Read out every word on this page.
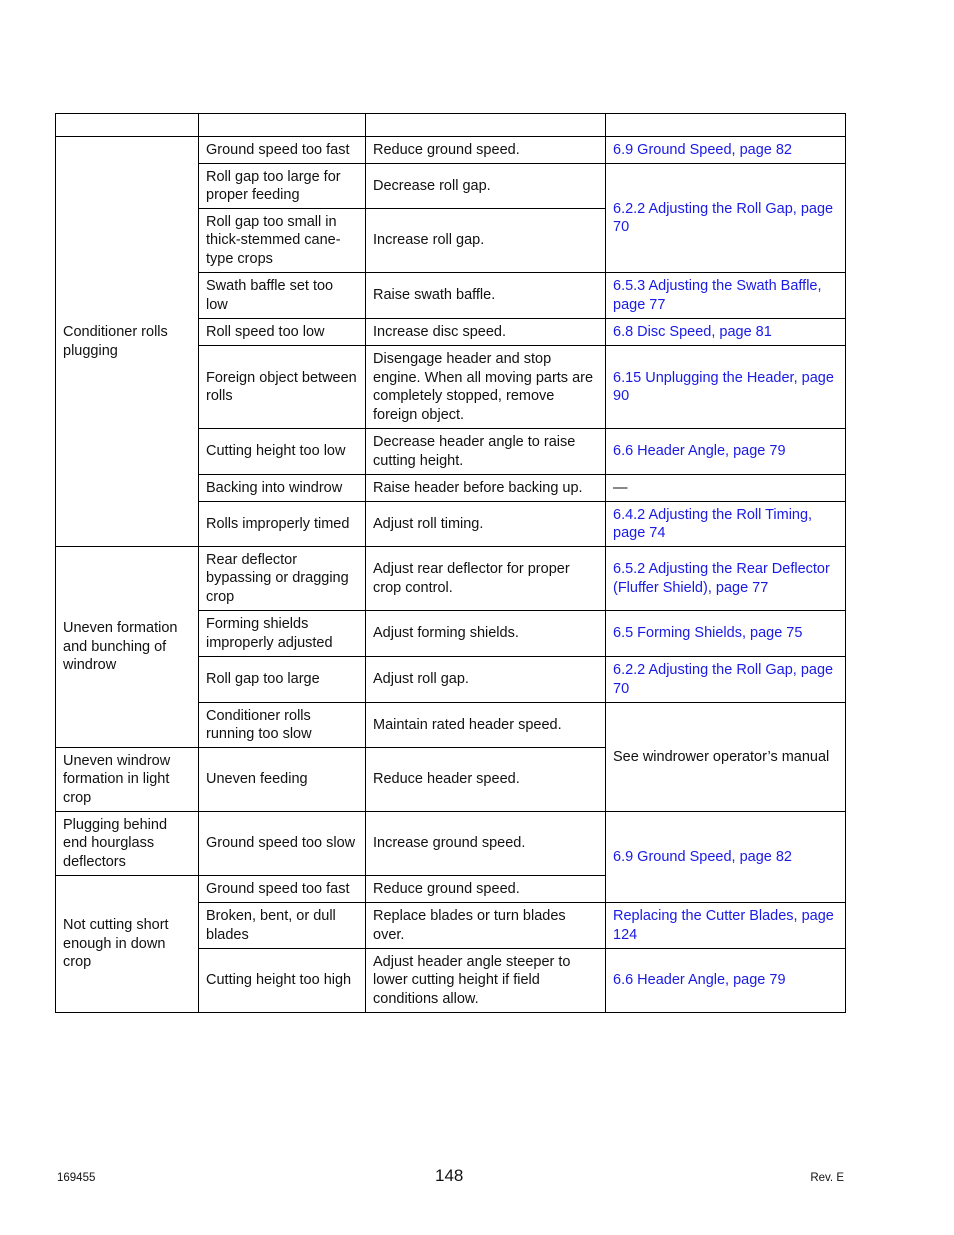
Conditioner rolls plugging	Ground speed too fast	Reduce ground speed.	6.9 Ground Speed, page 82
	Roll gap too large for proper feeding	Decrease roll gap.	6.2.2 Adjusting the Roll Gap, page 70
	Roll gap too small in thick-stemmed cane-type crops	Increase roll gap.	
	Swath baffle set too low	Raise swath baffle.	6.5.3 Adjusting the Swath Baffle, page 77
	Roll speed too low	Increase disc speed.	6.8 Disc Speed, page 81
	Foreign object between rolls	Disengage header and stop engine. When all moving parts are completely stopped, remove foreign object.	6.15 Unplugging the Header, page 90
	Cutting height too low	Decrease header angle to raise cutting height.	6.6 Header Angle, page 79
	Backing into windrow	Raise header before backing up.	—
	Rolls improperly timed	Adjust roll timing.	6.4.2 Adjusting the Roll Timing, page 74
Uneven formation and bunching of windrow	Rear deflector bypassing or dragging crop	Adjust rear deflector for proper crop control.	6.5.2 Adjusting the Rear Deflector (Fluffer Shield), page 77
	Forming shields improperly adjusted	Adjust forming shields.	6.5 Forming Shields, page 75
	Roll gap too large	Adjust roll gap.	6.2.2 Adjusting the Roll Gap, page 70
	Conditioner rolls running too slow	Maintain rated header speed.	See windrower operator’s manual
Uneven windrow formation in light crop	Uneven feeding	Reduce header speed.	
Plugging behind end hourglass deflectors	Ground speed too slow	Increase ground speed.	6.9 Ground Speed, page 82
Not cutting short enough in down crop	Ground speed too fast	Reduce ground speed.	
	Broken, bent, or dull blades	Replace blades or turn blades over.	Replacing the Cutter Blades, page 124
	Cutting height too high	Adjust header angle steeper to lower cutting height if field conditions allow.	6.6 Header Angle, page 79
169455	148	Rev. E
